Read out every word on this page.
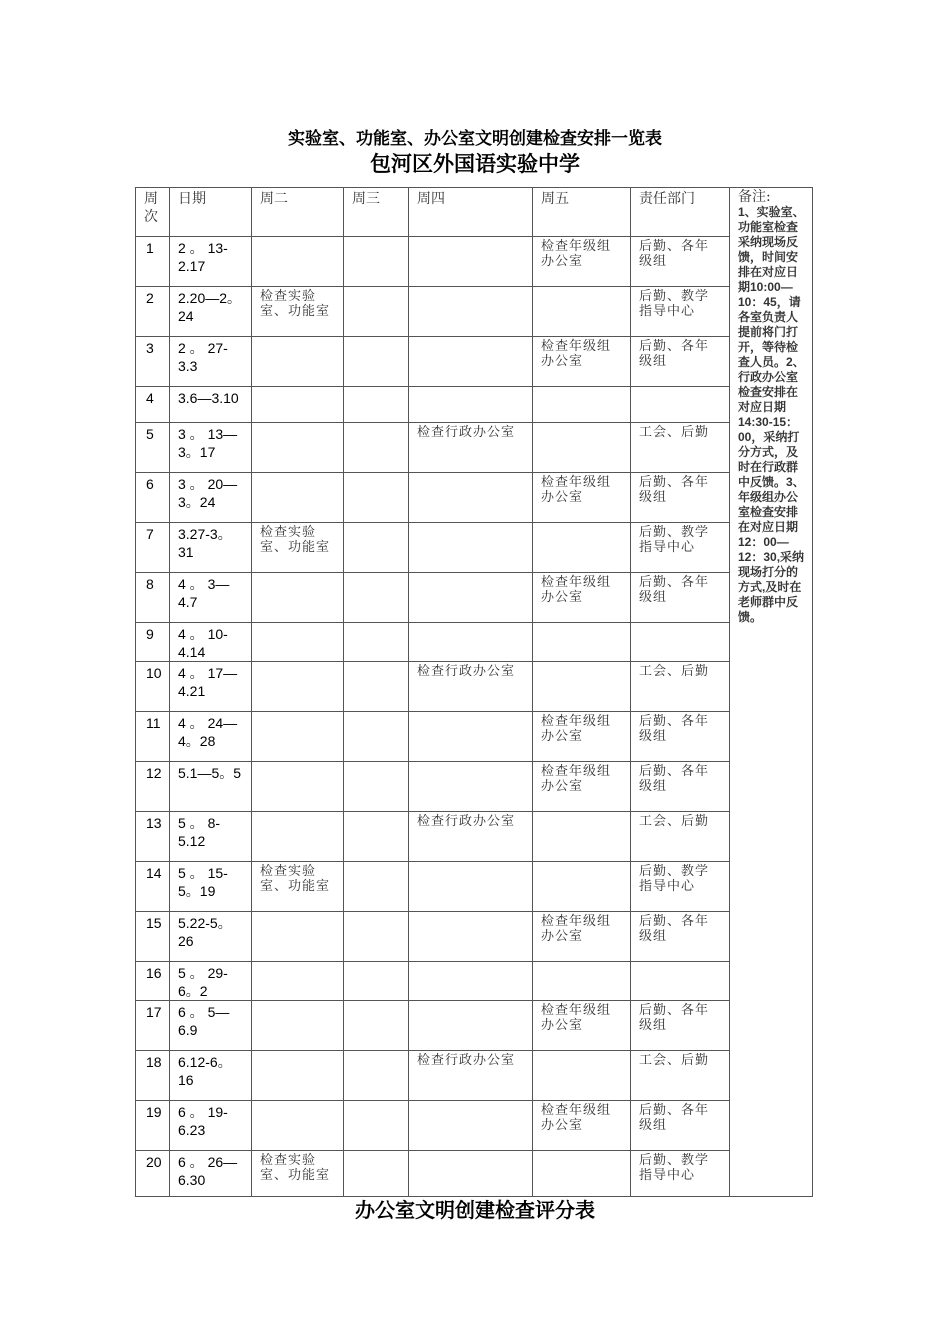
实验室、功能室、办公室文明创建检查安排一览表
包河区外国语实验中学
周次	日期	周二	周三	周四	周五	责任部门	备注:
1、实验室、功能室检查采纳现场反馈，时间安排在对应日期10:00—10：45，请各室负责人提前将门打开，等待检查人员。2、行政办公室检查安排在对应日期14:30-15：00，采纳打分方式，及时在行政群中反馈。3、年级组办公室检查安排在对应日期12：00—12：30,采纳现场打分的方式,及时在老师群中反馈。

1	2 。 13-2.17				检查年级组办公室	后勤、各年级组	
2	2.20—2。24	检查实验室、功能室				后勤、教学指导中心	
3	2 。 27-3.3				检查年级组办公室	后勤、各年级组	
4	3.6—3.10						
5	3 。 13—3。17			检查行政办公室		工会、后勤	
6	3 。 20—3。24				检查年级组办公室	后勤、各年级组	
7	3.27-3。31	检查实验室、功能室				后勤、教学指导中心	
8	4 。 3—4.7				检查年级组办公室	后勤、各年级组	
9	4 。 10-4.14						
10	4 。 17—4.21			检查行政办公室		工会、后勤	
11	4 。 24—4。28				检查年级组办公室	后勤、各年级组	
12	5.1—5。5				检查年级组办公室	后勤、各年级组	
13	5 。 8-5.12			检查行政办公室		工会、后勤	
14	5 。 15-5。19	检查实验室、功能室				后勤、教学指导中心	
15	5.22-5。26				检查年级组办公室	后勤、各年级组	
16	5 。 29-6。2						
17	6 。 5—6.9				检查年级组办公室	后勤、各年级组	
18	6.12-6。16			检查行政办公室		工会、后勤	
19	6 。 19-6.23				检查年级组办公室	后勤、各年级组	
20	6 。 26—6.30	检查实验室、功能室				后勤、教学指导中心	
办公室文明创建检查评分表
